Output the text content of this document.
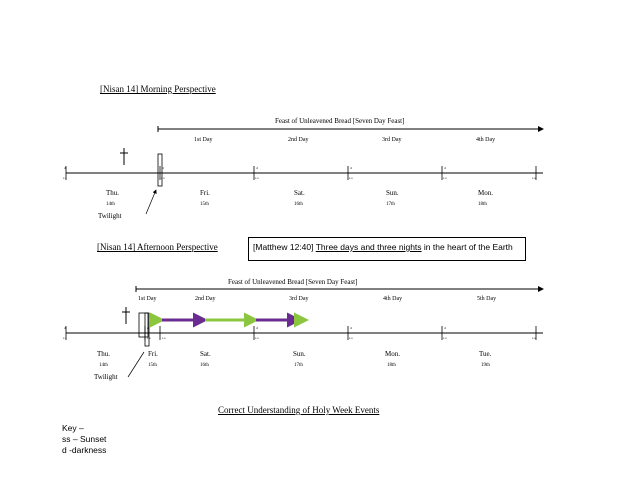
[Nisan 14] Morning Perspective
Feast of Unleavened Bread [Seven Day Feast]
1st Day	2nd Day	3rd Day	4th Day
Thu.
14th
Fri.
15th
Sat.
16th
Sun.
17th
Mon.
18th
Twilight
d
s s
d
s s
d
s s
d
s s
d
s s	s s
[Nisan 14] Afternoon Perspective	[Matthew 12:40] Three days and three nights in the heart of the Earth
Feast of Unleavened Bread [Seven Day Feast]
1st Day	2nd Day	3rd Day	4th Day	5th Day
Thu.
14th
Fri.
15th
Sat.
16th
Sun.
17th
Mon.
18th
Tue.
19th
Twilight
d
s s
d
s s	s s
d
s s
d
s s
d
s s	s s
Correct Understanding of Holy Week Events
Key –
ss – Sunset
d -darkness
